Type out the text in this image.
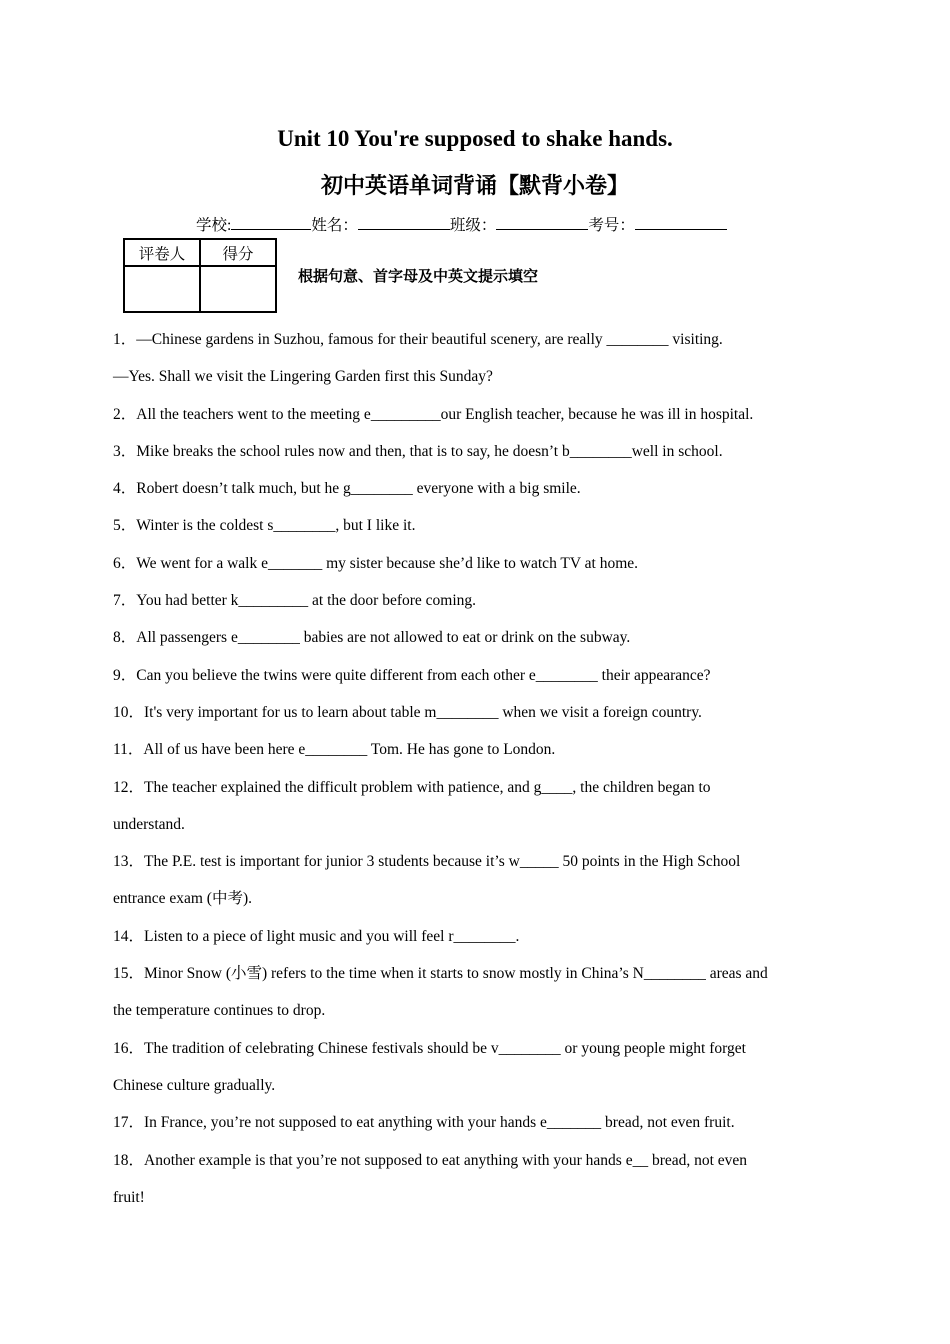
Unit 10 You're supposed to shake hands.
初中英语单词背诵【默背小卷】
学校:	姓名：	班级：	考号：
评卷人	得分

根据句意、首字母及中英文提示填空

1．—Chinese gardens in Suzhou, famous for their beautiful scenery, are really ________ visiting.

—Yes. Shall we visit the Lingering Garden first this Sunday?

2．All the teachers went to the meeting e_________our English teacher, because he was ill in hospital.

3．Mike breaks the school rules now and then, that is to say, he doesn’t b________well in school.

4．Robert doesn’t talk much, but he g________ everyone with a big smile.

5．Winter is the coldest s________, but I like it.

6．We went for a walk e_______ my sister because she’d like to watch TV at home.

7．You had better k_________ at the door before coming.

8．All passengers e________ babies are not allowed to eat or drink on the subway.

9．Can you believe the twins were quite different from each other e________ their appearance?

10．It's very important for us to learn about table m________ when we visit a foreign country.

11．All of us have been here e________ Tom. He has gone to London.

12．The teacher explained the difficult problem with patience, and g____, the children began to

understand.

13．The P.E. test is important for junior 3 students because it’s w_____ 50 points in the High School

entrance exam (中考).

14．Listen to a piece of light music and you will feel r________.

15．Minor Snow (小雪) refers to the time when it starts to snow mostly in China’s N________ areas and

the temperature continues to drop.

16．The tradition of celebrating Chinese festivals should be v________ or young people might forget

Chinese culture gradually.

17．In France, you’re not supposed to eat anything with your hands e_______ bread, not even fruit.

18．Another example is that you’re not supposed to eat anything with your hands e__ bread, not even

fruit!
